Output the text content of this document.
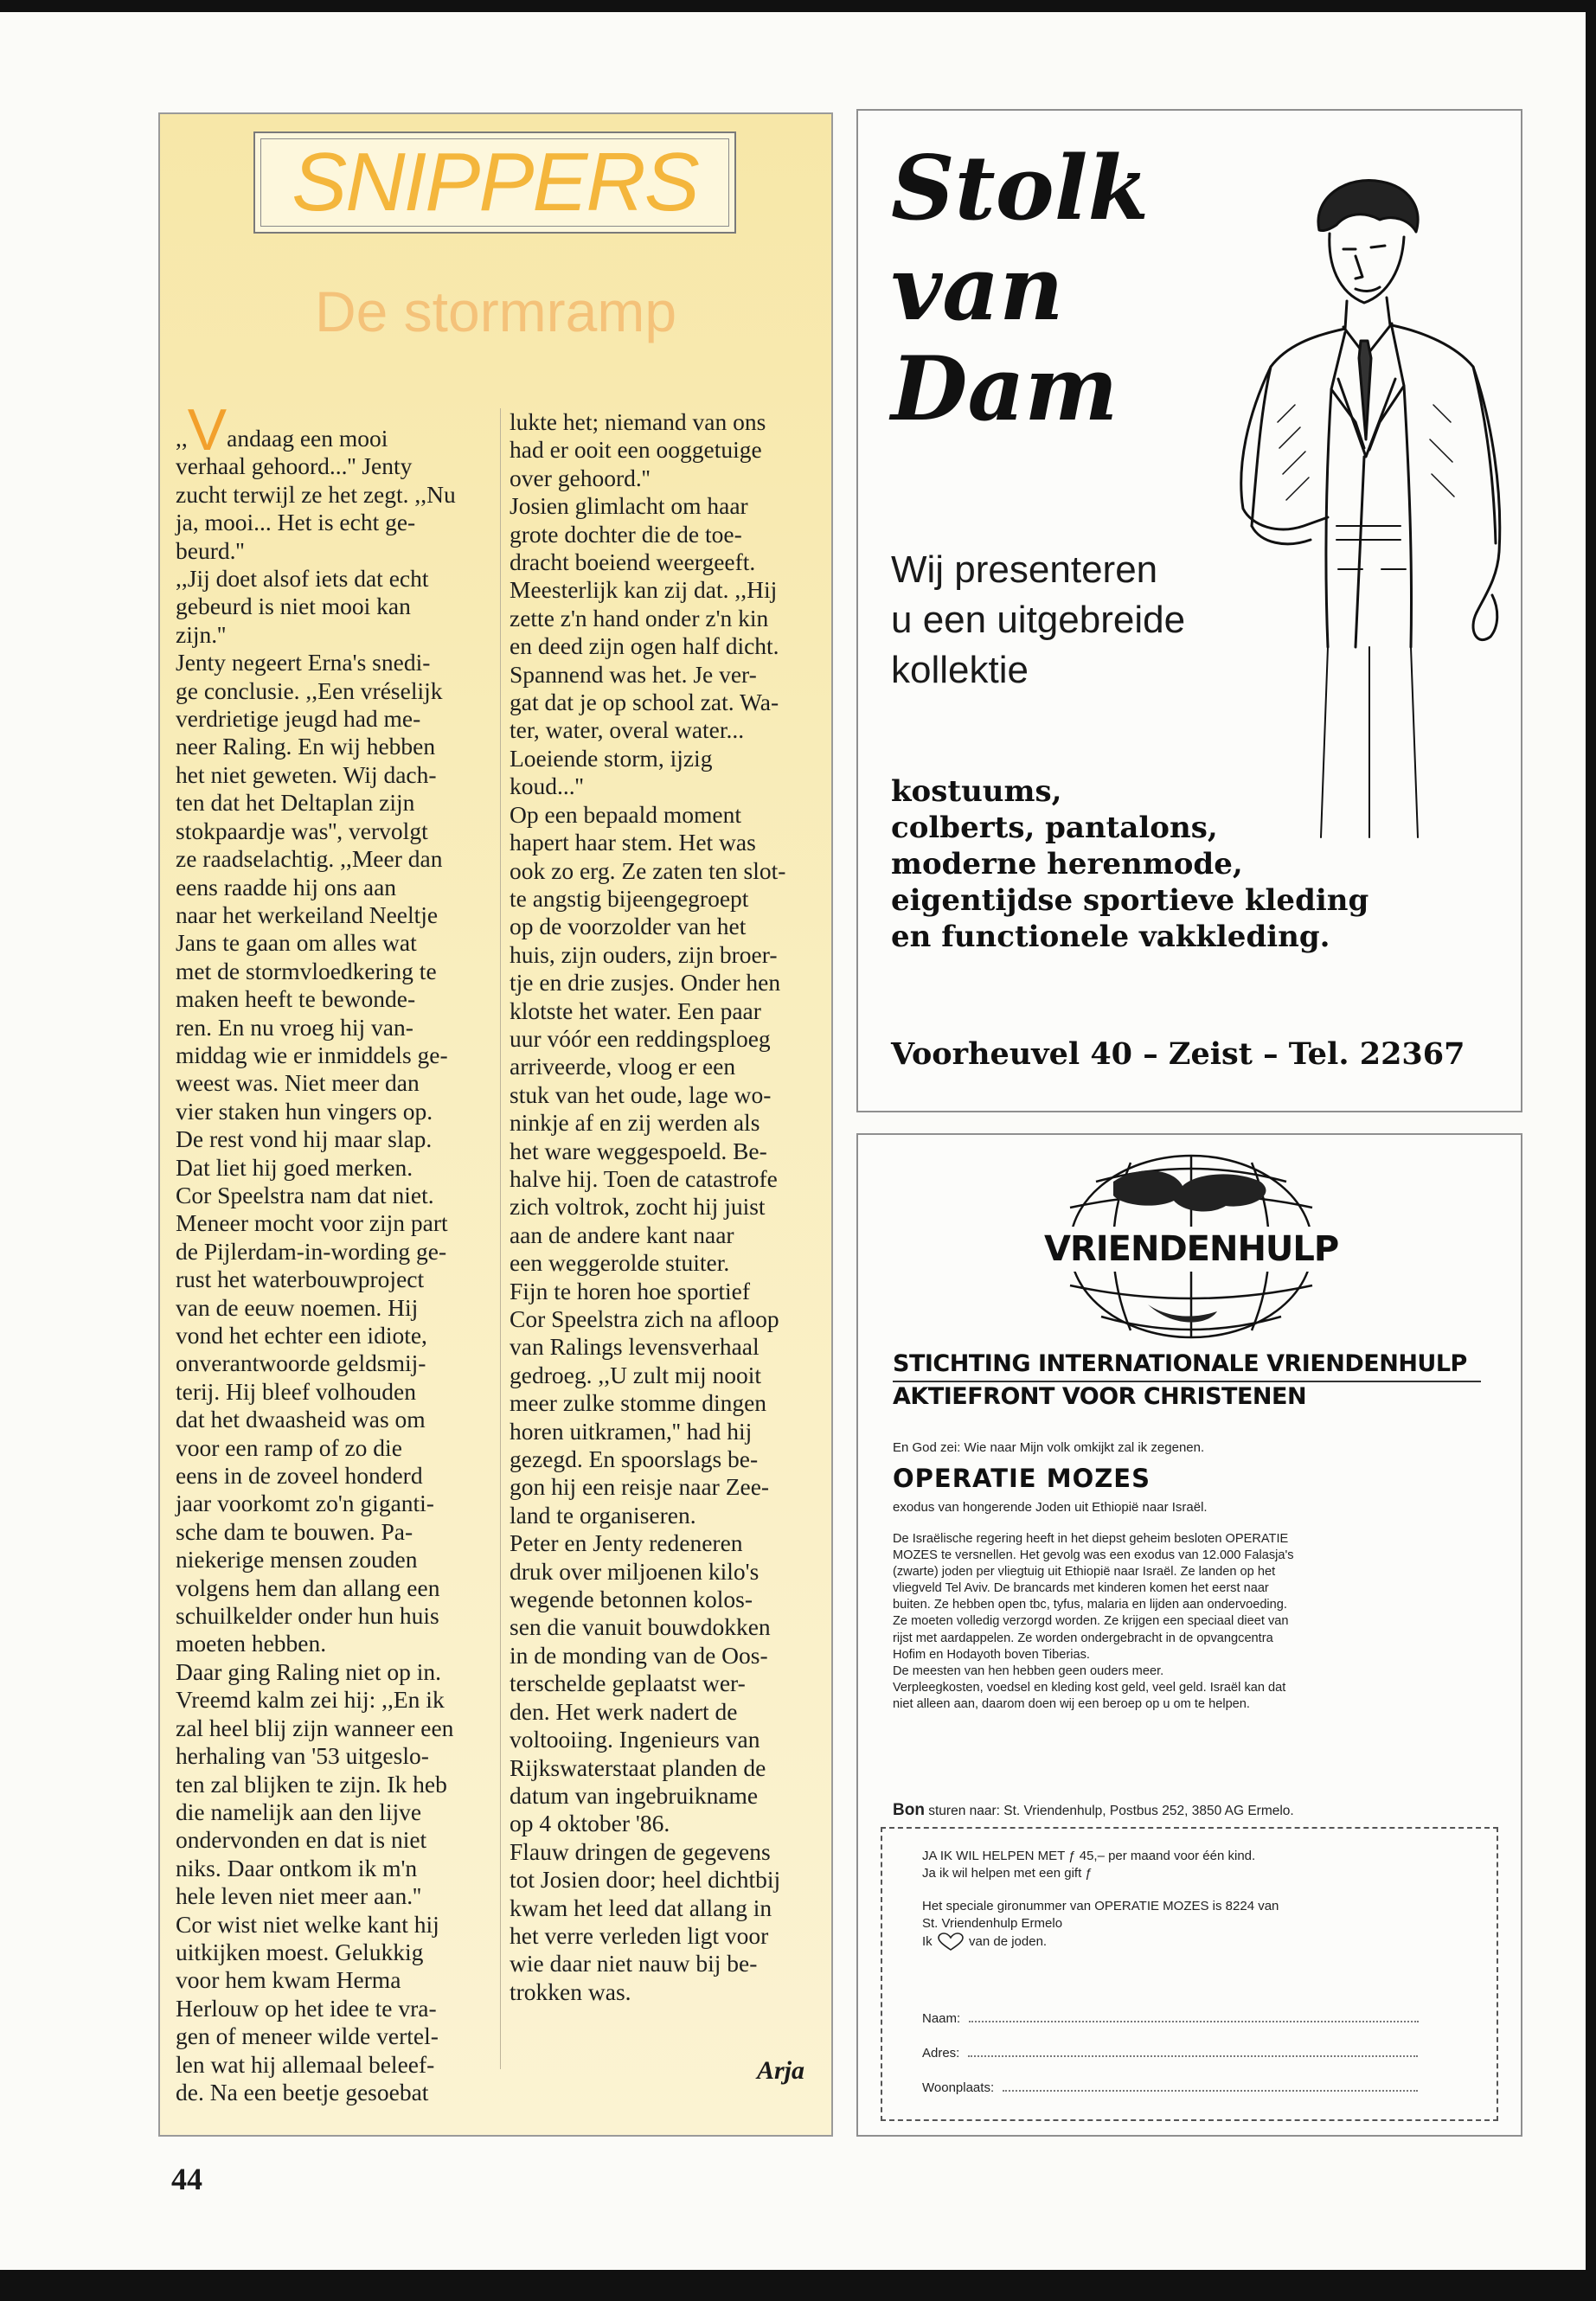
SNIPPERS
De stormramp

,,Vandaag een mooi

verhaal gehoord...'' Jenty

zucht terwijl ze het zegt. ,,Nu

ja, mooi... Het is echt ge-

beurd.''

,,Jij doet alsof iets dat echt

gebeurd is niet mooi kan

zijn.''

Jenty negeert Erna's snedi-

ge conclusie. ,,Een vréselijk

verdrietige jeugd had me-

neer Raling. En wij hebben

het niet geweten. Wij dach-

ten dat het Deltaplan zijn

stokpaardje was'', vervolgt

ze raadselachtig. ,,Meer dan

eens raadde hij ons aan

naar het werkeiland Neeltje

Jans te gaan om alles wat

met de stormvloedkering te

maken heeft te bewonde-

ren. En nu vroeg hij van-

middag wie er inmiddels ge-

weest was. Niet meer dan

vier staken hun vingers op.

De rest vond hij maar slap.

Dat liet hij goed merken.

Cor Speelstra nam dat niet.

Meneer mocht voor zijn part

de Pijlerdam-in-wording ge-

rust het waterbouwproject

van de eeuw noemen. Hij

vond het echter een idiote,

onverantwoorde geldsmij-

terij. Hij bleef volhouden

dat het dwaasheid was om

voor een ramp of zo die

eens in de zoveel honderd

jaar voorkomt zo'n giganti-

sche dam te bouwen. Pa-

niekerige mensen zouden

volgens hem dan allang een

schuilkelder onder hun huis

moeten hebben.

Daar ging Raling niet op in.

Vreemd kalm zei hij: ,,En ik

zal heel blij zijn wanneer een

herhaling van '53 uitgeslo-

ten zal blijken te zijn. Ik heb

die namelijk aan den lijve

ondervonden en dat is niet

niks. Daar ontkom ik m'n

hele leven niet meer aan.''

Cor wist niet welke kant hij

uitkijken moest. Gelukkig

voor hem kwam Herma

Herlouw op het idee te vra-

gen of meneer wilde vertel-

len wat hij allemaal beleef-

de. Na een beetje gesoebat

lukte het; niemand van ons

had er ooit een ooggetuige

over gehoord.''

Josien glimlacht om haar

grote dochter die de toe-

dracht boeiend weergeeft.

Meesterlijk kan zij dat. ,,Hij

zette z'n hand onder z'n kin

en deed zijn ogen half dicht.

Spannend was het. Je ver-

gat dat je op school zat. Wa-

ter, water, overal water...

Loeiende storm, ijzig

koud...''

Op een bepaald moment

hapert haar stem. Het was

ook zo erg. Ze zaten ten slot-

te angstig bijeengegroept

op de voorzolder van het

huis, zijn ouders, zijn broer-

tje en drie zusjes. Onder hen

klotste het water. Een paar

uur vóór een reddingsploeg

arriveerde, vloog er een

stuk van het oude, lage wo-

ninkje af en zij werden als

het ware weggespoeld. Be-

halve hij. Toen de catastrofe

zich voltrok, zocht hij juist

aan de andere kant naar

een weggerolde stuiter.

Fijn te horen hoe sportief

Cor Speelstra zich na afloop

van Ralings levensverhaal

gedroeg. ,,U zult mij nooit

meer zulke stomme dingen

horen uitkramen,'' had hij

gezegd. En spoorslags be-

gon hij een reisje naar Zee-

land te organiseren.

Peter en Jenty redeneren

druk over miljoenen kilo's

wegende betonnen kolos-

sen die vanuit bouwdokken

in de monding van de Oos-

terschelde geplaatst wer-

den. Het werk nadert de

voltooiing. Ingenieurs van

Rijkswaterstaat planden de

datum van ingebruikname

op 4 oktober '86.

Flauw dringen de gegevens

tot Josien door; heel dichtbij

kwam het leed dat allang in

het verre verleden ligt voor

wie daar niet nauw bij be-

trokken was.

Arja
44
Stolk
van
Dam
Wij presenteren
u een uitgebreide
kollektie
kostuums,
colberts, pantalons,
moderne herenmode,
eigentijdse sportieve kleding
en functionele vakkleding.
Voorheuvel 40 – Zeist – Tel. 22367
VRIENDENHULP
STICHTING INTERNATIONALE VRIENDENHULP
AKTIEFRONT VOOR CHRISTENEN
En God zei: Wie naar Mijn volk omkijkt zal ik zegenen.
OPERATIE MOZES
exodus van hongerende Joden uit Ethiopië naar Israël.

De Israëlische regering heeft in het diepst geheim besloten OPERATIE

MOZES te versnellen. Het gevolg was een exodus van 12.000 Falasja's

(zwarte) joden per vliegtuig uit Ethiopië naar Israël. Ze landen op het

vliegveld Tel Aviv. De brancards met kinderen komen het eerst naar

buiten. Ze hebben open tbc, tyfus, malaria en lijden aan ondervoeding.

Ze moeten volledig verzorgd worden. Ze krijgen een speciaal dieet van

rijst met aardappelen. Ze worden ondergebracht in de opvangcentra

Hofim en Hodayoth boven Tiberias.

De meesten van hen hebben geen ouders meer.

Verpleegkosten, voedsel en kleding kost geld, veel geld. Israël kan dat

niet alleen aan, daarom doen wij een beroep op u om te helpen.

Bon sturen naar: St. Vriendenhulp, Postbus 252, 3850 AG Ermelo.

JA IK WIL HELPEN MET ƒ 45,– per maand voor één kind.

Ja ik wil helpen met een gift ƒ

Het speciale gironummer van OPERATIE MOZES is 8224 van

St. Vriendenhulp Ermelo

Ik	van de joden.

Naam:
Adres:
Woonplaats:
